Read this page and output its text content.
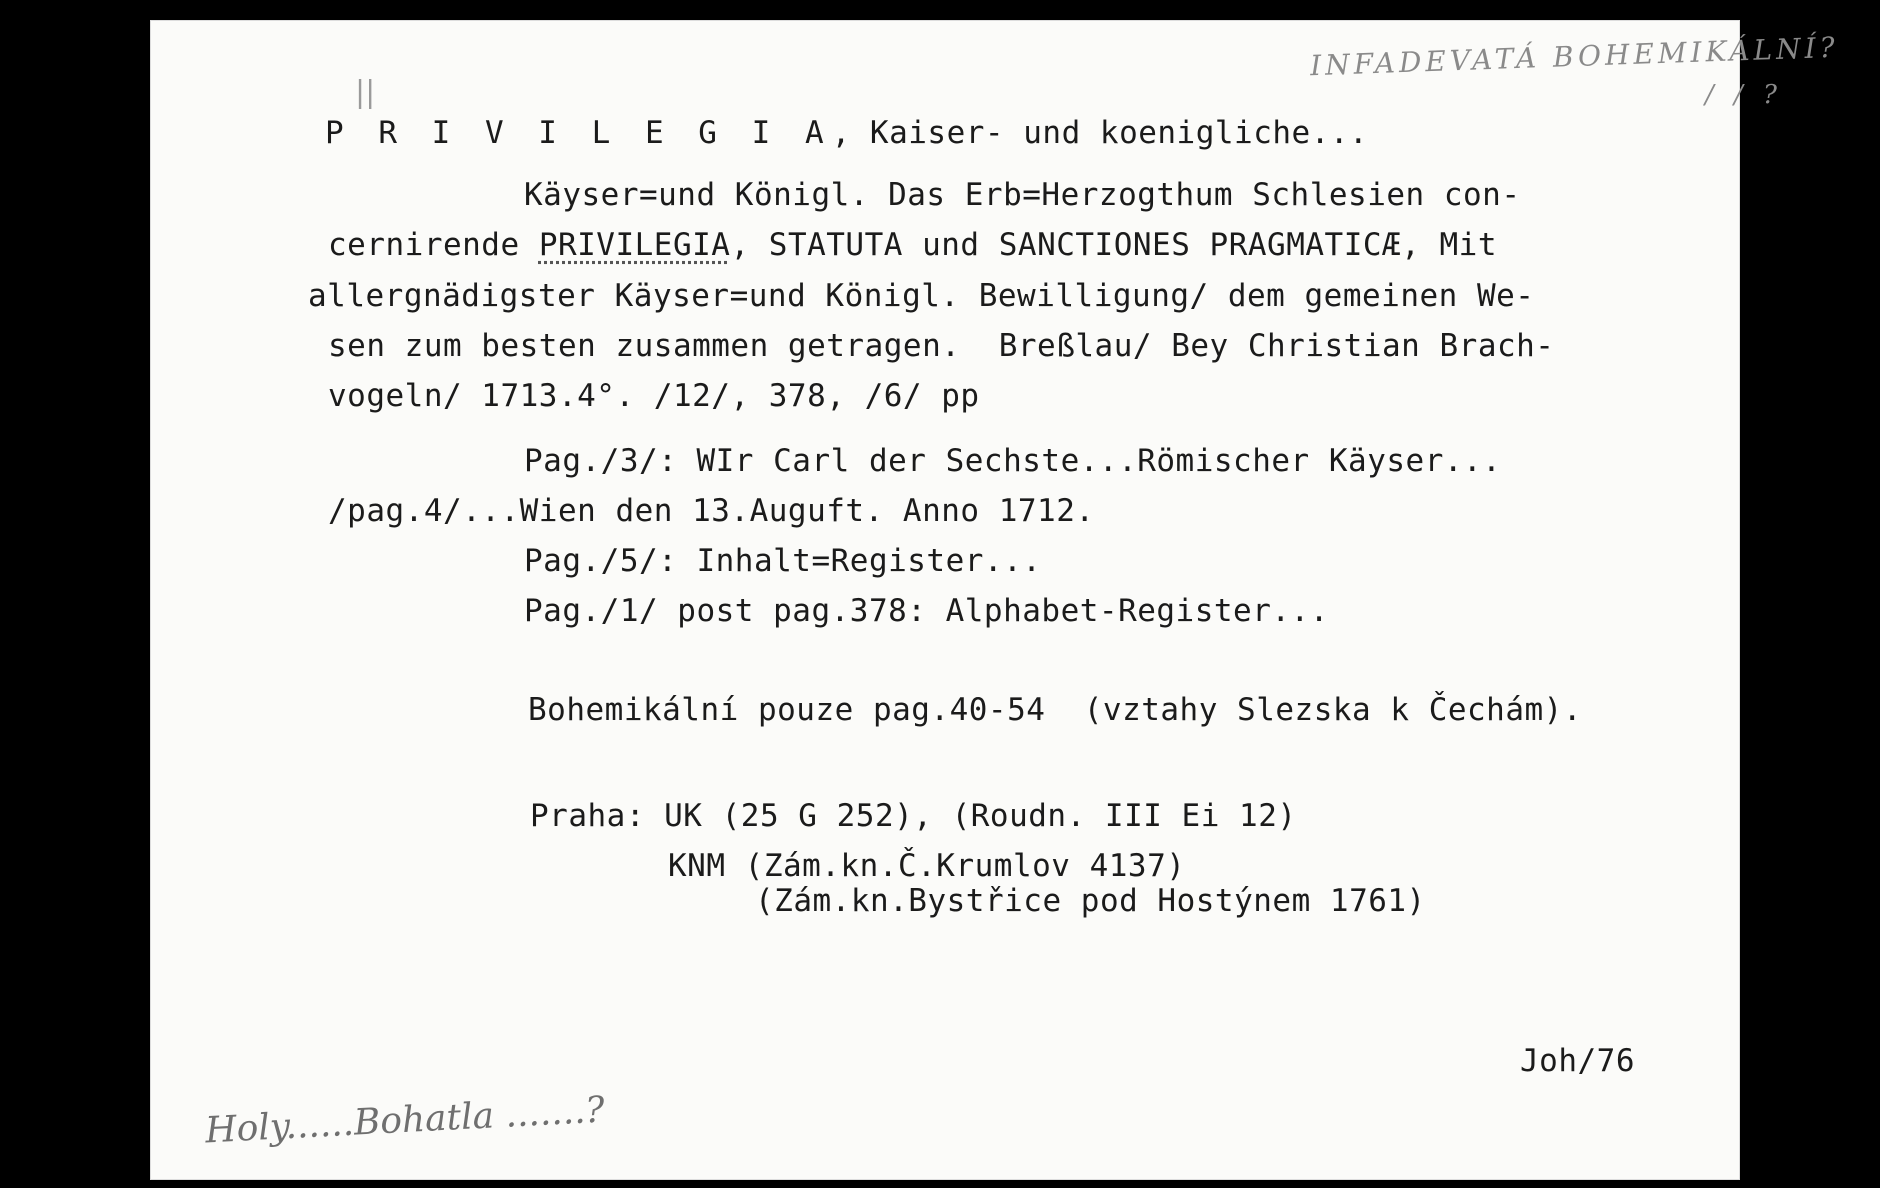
||
INFADEVATÁ BOHEMIKÁLNÍ?
/ / ?
P R I V I L E G I A, Kaiser- und koenigliche...
Käyser=und Königl. Das Erb=Herzogthum Schlesien con-
cernirende PRIVILEGIA, STATUTA und SANCTIONES PRAGMATICÆ, Mit
allergnädigster Käyser=und Königl. Bewilligung/ dem gemeinen We-
sen zum besten zusammen getragen.  Breßlau/ Bey Christian Brach-
vogeln/ 1713.4°. /12/, 378, /6/ pp
Pag./3/: WIr Carl der Sechste...Römischer Käyser...
/pag.4/...Wien den 13.Auguft. Anno 1712.
Pag./5/: Inhalt=Register...
Pag./1/ post pag.378: Alphabet-Register...
Bohemikální pouze pag.40-54  (vztahy Slezska k Čechám).
Praha: UK (25 G 252), (Roudn. III Ei 12)
KNM (Zám.kn.Č.Krumlov 4137)
(Zám.kn.Bystřice pod Hostýnem 1761)
Joh/76
Holy......Bohatla .......?
